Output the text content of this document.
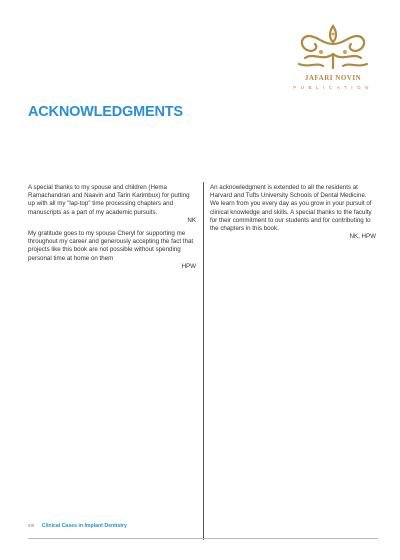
JAFARI NOVIN
PUBLICATION
ACKNOWLEDGMENTS

A special thanks to my spouse and children (Hema Ramachandran and Naavin and Tarin Karimbux) for putting up with all my "lap-top" time processing chapters and manuscripts as a part of my academic pursuits.

NK

My gratitude goes to my spouse Cheryl for supporting me throughout my career and generously accepting the fact that projects like this book are not possible without spending personal time at home on them

HPW

An acknowledgment is extended to all the residents at Harvard and Tufts University Schools of Dental Medicine. We learn from you every day as you grow in your pursuit of clinical knowledge and skills. A special thanks to the faculty for their commitment to our students and for contributing to the chapters in this book.

NK, HPW

xvi Clinical Cases in Implant Dentistry
